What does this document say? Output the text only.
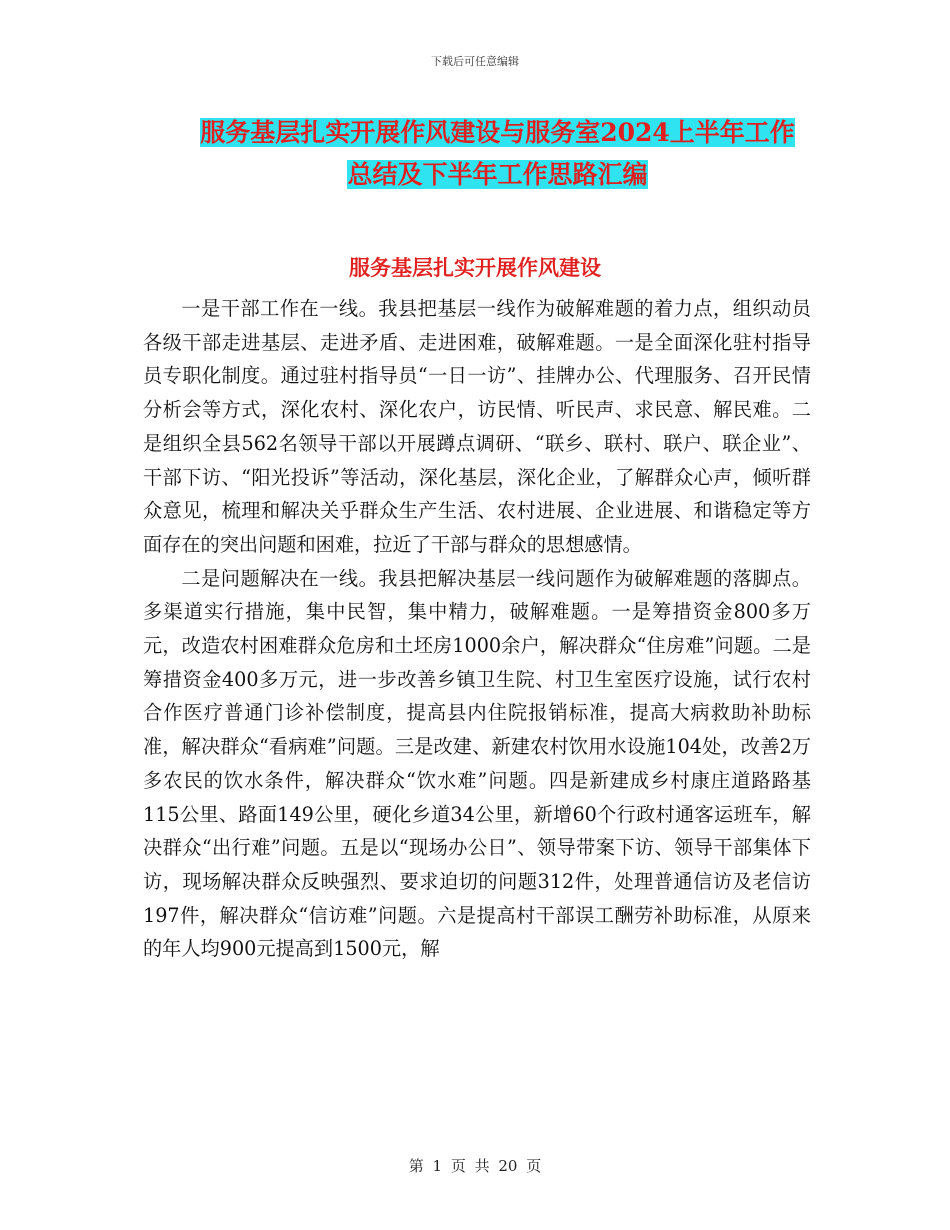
下载后可任意编辑
服务基层扎实开展作风建设与服务室2024上半年工作
总结及下半年工作思路汇编
服务基层扎实开展作风建设

一是干部工作在一线。我县把基层一线作为破解难题的着力点，组织动员各级干部走进基层、走进矛盾、走进困难，破解难题。一是全面深化驻村指导员专职化制度。通过驻村指导员“一日一访”、挂牌办公、代理服务、召开民情分析会等方式，深化农村、深化农户，访民情、听民声、求民意、解民难。二是组织全县562名领导干部以开展蹲点调研、“联乡、联村、联户、联企业”、干部下访、“阳光投诉”等活动，深化基层，深化企业，了解群众心声，倾听群众意见，梳理和解决关乎群众生产生活、农村进展、企业进展、和谐稳定等方面存在的突出问题和困难，拉近了干部与群众的思想感情。

二是问题解决在一线。我县把解决基层一线问题作为破解难题的落脚点。多渠道实行措施，集中民智，集中精力，破解难题。一是筹措资金800多万元，改造农村困难群众危房和土坯房1000余户，解决群众“住房难”问题。二是筹措资金400多万元，进一步改善乡镇卫生院、村卫生室医疗设施，试行农村合作医疗普通门诊补偿制度，提高县内住院报销标准，提高大病救助补助标准，解决群众“看病难”问题。三是改建、新建农村饮用水设施104处，改善2万多农民的饮水条件，解决群众“饮水难”问题。四是新建成乡村康庄道路路基115公里、路面149公里，硬化乡道34公里，新增60个行政村通客运班车，解决群众“出行难”问题。五是以“现场办公日”、领导带案下访、领导干部集体下访，现场解决群众反映强烈、要求迫切的问题312件，处理普通信访及老信访197件，解决群众“信访难”问题。六是提高村干部误工酬劳补助标准，从原来的年人均900元提高到1500元，解

第 1 页 共 20 页
